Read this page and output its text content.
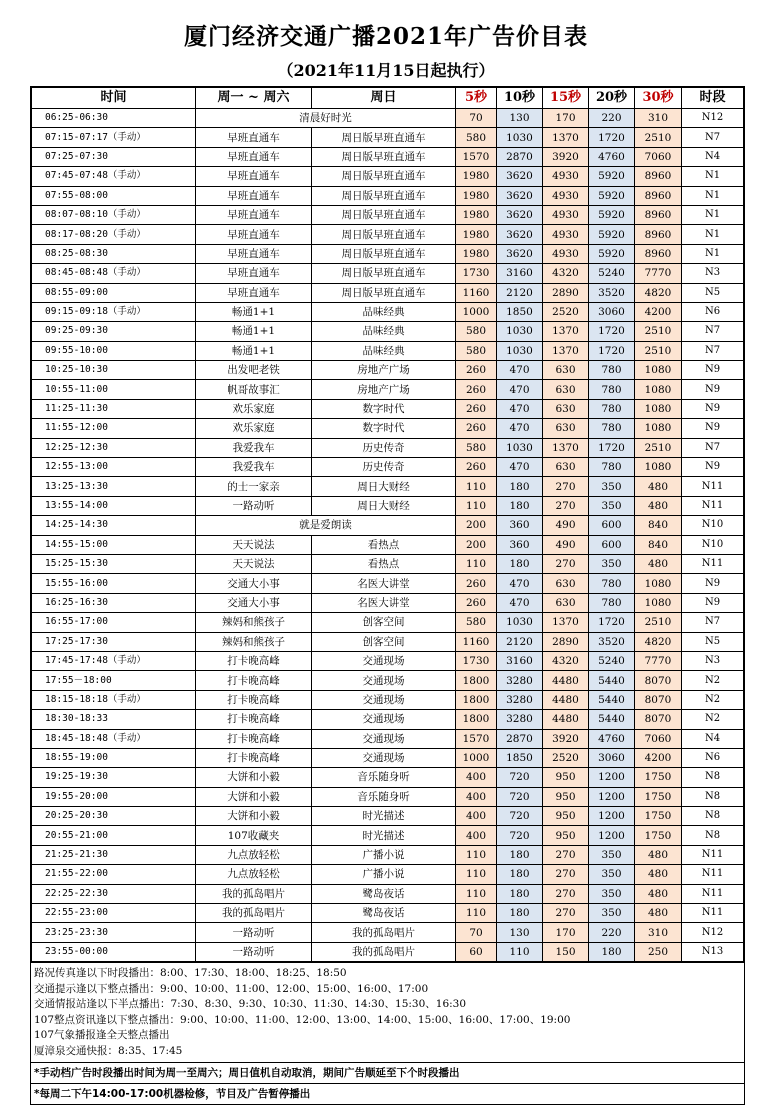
厦门经济交通广播2021年广告价目表
（2021年11月15日起执行）
时间	周一 ~ 周六	周日	5秒	10秒	15秒	20秒	30秒	时段
06:25-06:30	清晨好时光		70	130	170	220	310	N12
07:15-07:17（手动）	早班直通车	周日版早班直通车	580	1030	1370	1720	2510	N7
07:25-07:30	早班直通车	周日版早班直通车	1570	2870	3920	4760	7060	N4
07:45-07:48（手动）	早班直通车	周日版早班直通车	1980	3620	4930	5920	8960	N1
07:55-08:00	早班直通车	周日版早班直通车	1980	3620	4930	5920	8960	N1
08:07-08:10（手动）	早班直通车	周日版早班直通车	1980	3620	4930	5920	8960	N1
08:17-08:20（手动）	早班直通车	周日版早班直通车	1980	3620	4930	5920	8960	N1
08:25-08:30	早班直通车	周日版早班直通车	1980	3620	4930	5920	8960	N1
08:45-08:48（手动）	早班直通车	周日版早班直通车	1730	3160	4320	5240	7770	N3
08:55-09:00	早班直通车	周日版早班直通车	1160	2120	2890	3520	4820	N5
09:15-09:18（手动）	畅通1+1	品味经典	1000	1850	2520	3060	4200	N6
09:25-09:30	畅通1+1	品味经典	580	1030	1370	1720	2510	N7
09:55-10:00	畅通1+1	品味经典	580	1030	1370	1720	2510	N7
10:25-10:30	出发吧老铁	房地产广场	260	470	630	780	1080	N9
10:55-11:00	帆哥故事汇	房地产广场	260	470	630	780	1080	N9
11:25-11:30	欢乐家庭	数字时代	260	470	630	780	1080	N9
11:55-12:00	欢乐家庭	数字时代	260	470	630	780	1080	N9
12:25-12:30	我爱我车	历史传奇	580	1030	1370	1720	2510	N7
12:55-13:00	我爱我车	历史传奇	260	470	630	780	1080	N9
13:25-13:30	的士一家亲	周日大财经	110	180	270	350	480	N11
13:55-14:00	一路动听	周日大财经	110	180	270	350	480	N11
14:25-14:30	就是爱朗读		200	360	490	600	840	N10
14:55-15:00	天天说法	看热点	200	360	490	600	840	N10
15:25-15:30	天天说法	看热点	110	180	270	350	480	N11
15:55-16:00	交通大小事	名医大讲堂	260	470	630	780	1080	N9
16:25-16:30	交通大小事	名医大讲堂	260	470	630	780	1080	N9
16:55-17:00	辣妈和熊孩子	创客空间	580	1030	1370	1720	2510	N7
17:25-17:30	辣妈和熊孩子	创客空间	1160	2120	2890	3520	4820	N5
17:45-17:48（手动）	打卡晚高峰	交通现场	1730	3160	4320	5240	7770	N3
17:55－18:00	打卡晚高峰	交通现场	1800	3280	4480	5440	8070	N2
18:15-18:18（手动）	打卡晚高峰	交通现场	1800	3280	4480	5440	8070	N2
18:30-18:33	打卡晚高峰	交通现场	1800	3280	4480	5440	8070	N2
18:45-18:48（手动）	打卡晚高峰	交通现场	1570	2870	3920	4760	7060	N4
18:55-19:00	打卡晚高峰	交通现场	1000	1850	2520	3060	4200	N6
19:25-19:30	大饼和小毅	音乐随身听	400	720	950	1200	1750	N8
19:55-20:00	大饼和小毅	音乐随身听	400	720	950	1200	1750	N8
20:25-20:30	大饼和小毅	时光描述	400	720	950	1200	1750	N8
20:55-21:00	107收藏夹	时光描述	400	720	950	1200	1750	N8
21:25-21:30	九点放轻松	广播小说	110	180	270	350	480	N11
21:55-22:00	九点放轻松	广播小说	110	180	270	350	480	N11
22:25-22:30	我的孤岛唱片	鹭岛夜话	110	180	270	350	480	N11
22:55-23:00	我的孤岛唱片	鹭岛夜话	110	180	270	350	480	N11
23:25-23:30	一路动听	我的孤岛唱片	70	130	170	220	310	N12
23:55-00:00	一路动听	我的孤岛唱片	60	110	150	180	250	N13
路况传真逢以下时段播出：8:00、17:30、18:00、18:25、18:50
交通提示逢以下整点播出：9:00、10:00、11:00、12:00、15:00、16:00、17:00
交通情报站逢以下半点播出：7:30、8:30、9:30、10:30、11:30、14:30、15:30、16:30
107整点资讯逢以下整点播出：9:00、10:00、11:00、12:00、13:00、14:00、15:00、16:00、17:00、19:00
107气象播报逢全天整点播出
厦漳泉交通快报：8:35、17:45
*手动档广告时段播出时间为周一至周六；周日值机自动取消，期间广告顺延至下个时段播出
*每周二下午14:00-17:00机器检修，节目及广告暂停播出
